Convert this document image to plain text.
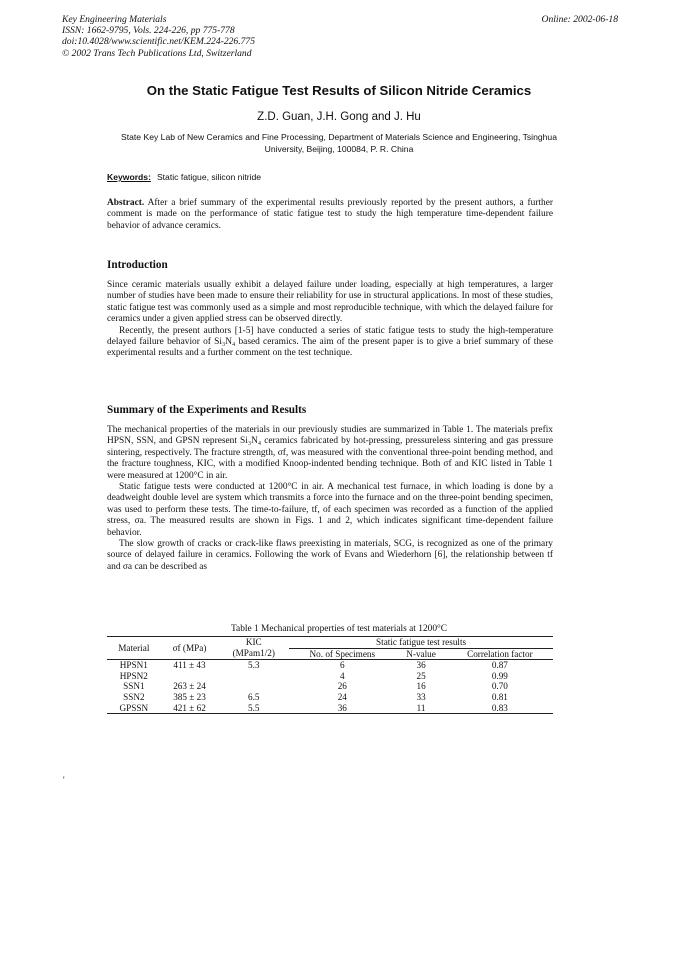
Key Engineering Materials
ISSN: 1662-9795, Vols. 224-226, pp 775-778
doi:10.4028/www.scientific.net/KEM.224-226.775
© 2002 Trans Tech Publications Ltd, Switzerland
Online: 2002-06-18
On the Static Fatigue Test Results of Silicon Nitride Ceramics
Z.D. Guan, J.H. Gong and J. Hu
State Key Lab of New Ceramics and Fine Processing, Department of Materials Science and Engineering, Tsinghua University, Beijing, 100084, P. R. China
Keywords: Static fatigue, silicon nitride
Abstract. After a brief summary of the experimental results previously reported by the present authors, a further comment is made on the performance of static fatigue test to study the high temperature time-dependent failure behavior of advance ceramics.
Introduction
Since ceramic materials usually exhibit a delayed failure under loading, especially at high temperatures, a larger number of studies have been made to ensure their reliability for use in structural applications. In most of these studies, static fatigue test was commonly used as a simple and most reproducible technique, with which the delayed failure for ceramics under a given applied stress can be observed directly.
Recently, the present authors [1-5] have conducted a series of static fatigue tests to study the high-temperature delayed failure behavior of Si₃N₄ based ceramics. The aim of the present paper is to give a brief summary of these experimental results and a further comment on the test technique.
Summary of the Experiments and Results
The mechanical properties of the materials in our previously studies are summarized in Table 1. The materials prefix HPSN, SSN, and GPSN represent Si₃N₄ ceramics fabricated by hot-pressing, pressureless sintering and gas pressure sintering, respectively. The fracture strength, σf, was measured with the conventional three-point bending method, and the fracture toughness, KIC, with a modified Knoop-indented bending technique. Both σf and KIC listed in Table 1 were measured at 1200°C in air.
Static fatigue tests were conducted at 1200°C in air. A mechanical test furnace, in which loading is done by a deadweight double level are system which transmits a force into the furnace and on the three-point bending specimen, was used to perform these tests. The time-to-failure, tf, of each specimen was recorded as a function of the applied stress, σa. The measured results are shown in Figs. 1 and 2, which indicates significant time-dependent failure behavior.
The slow growth of cracks or crack-like flaws preexisting in materials, SCG, is recognized as one of the primary source of delayed failure in ceramics. Following the work of Evans and Wiederhorn [6], the relationship between tf and σa can be described as
Table 1 Mechanical properties of test materials at 1200°C
Material	σf (MPa)	KIC	Static fatigue test results		
		(MPam1/2)	No. of Specimens	N-value	Correlation factor
HPSN1	411 ± 43	5.3	6	36	0.87
HPSN2			4	25	0.99
SSN1	263 ± 24		26	16	0.70
SSN2	385 ± 23	6.5	24	33	0.81
GPSSN	421 ± 62	5.5	36	11	0.83
'
